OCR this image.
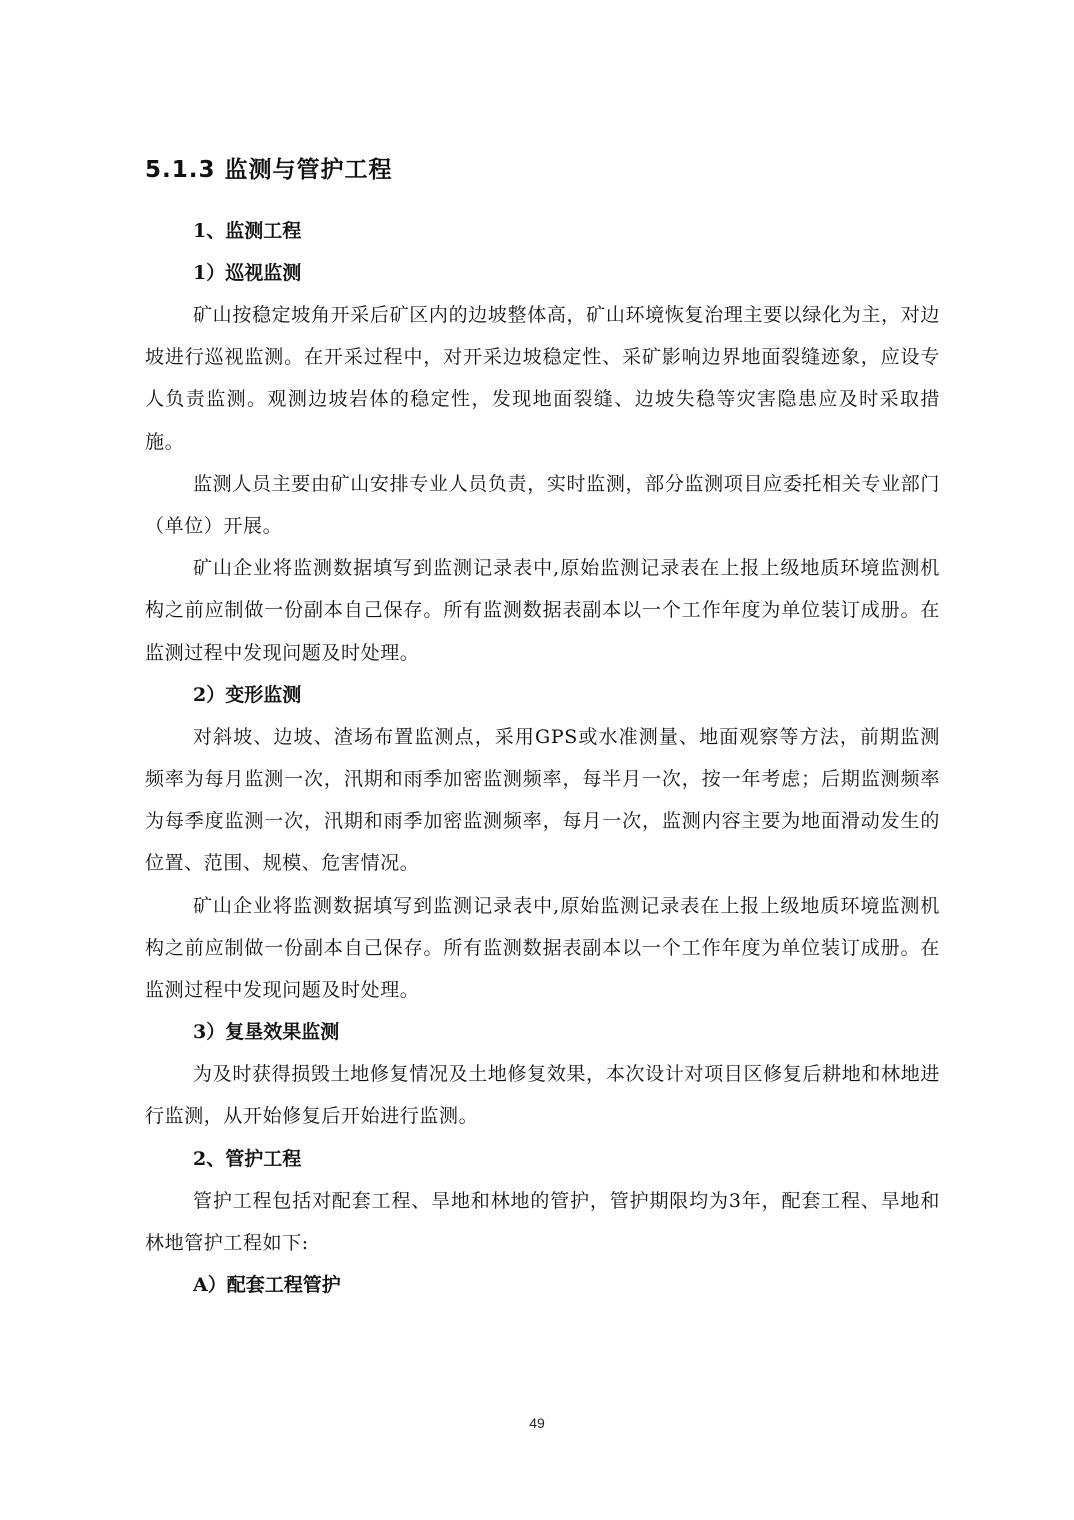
5.1.3 监测与管护工程
1、监测工程
1）巡视监测

矿山按稳定坡角开采后矿区内的边坡整体高，矿山环境恢复治理主要以绿化为主，对边坡进行巡视监测。在开采过程中，对开采边坡稳定性、采矿影响边界地面裂缝迹象，应设专人负责监测。观测边坡岩体的稳定性，发现地面裂缝、边坡失稳等灾害隐患应及时采取措施。

监测人员主要由矿山安排专业人员负责，实时监测，部分监测项目应委托相关专业部门（单位）开展。

矿山企业将监测数据填写到监测记录表中,原始监测记录表在上报上级地质环境监测机构之前应制做一份副本自己保存。所有监测数据表副本以一个工作年度为单位装订成册。在监测过程中发现问题及时处理。

2）变形监测

对斜坡、边坡、渣场布置监测点，采用GPS或水准测量、地面观察等方法，前期监测频率为每月监测一次，汛期和雨季加密监测频率，每半月一次，按一年考虑；后期监测频率为每季度监测一次，汛期和雨季加密监测频率，每月一次，监测内容主要为地面滑动发生的位置、范围、规模、危害情况。

矿山企业将监测数据填写到监测记录表中,原始监测记录表在上报上级地质环境监测机构之前应制做一份副本自己保存。所有监测数据表副本以一个工作年度为单位装订成册。在监测过程中发现问题及时处理。

3）复垦效果监测

为及时获得损毁土地修复情况及土地修复效果，本次设计对项目区修复后耕地和林地进行监测，从开始修复后开始进行监测。

2、管护工程

管护工程包括对配套工程、旱地和林地的管护，管护期限均为3年，配套工程、旱地和林地管护工程如下:

A）配套工程管护
49
